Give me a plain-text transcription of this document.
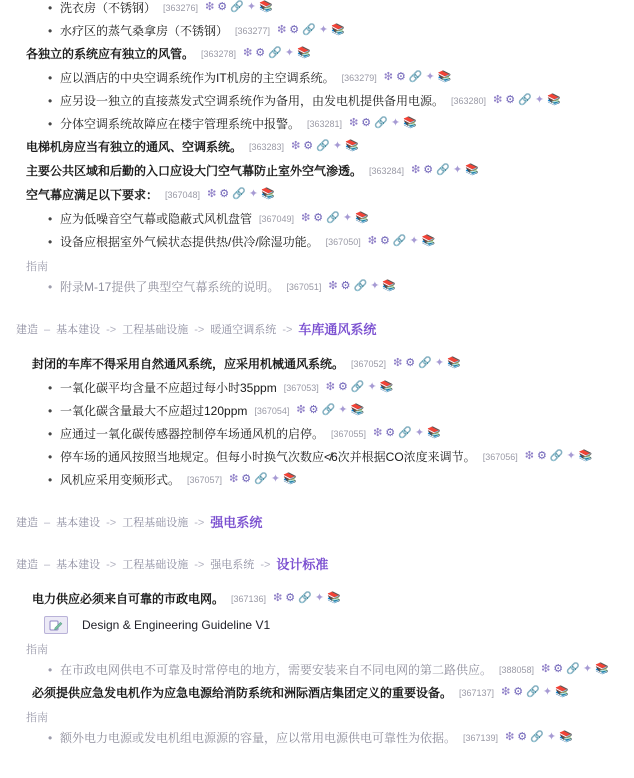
• 洗衣房（不锈钢） [363276] ❇ ⚙ 🔗 ✦ 📚
• 水疗区的蒸气桑拿房（不锈钢） [363277] ❇ ⚙ 🔗 ✦ 📚
各独立的系统应有独立的风管。 [363278] ❇ ⚙ 🔗 ✦ 📚
• 应以酒店的中央空调系统作为IT机房的主空调系统。 [363279] ❇ ⚙ 🔗 ✦ 📚
• 应另设一独立的直接蒸发式空调系统作为备用，由发电机提供备用电源。 [363280] ❇ ⚙ 🔗 ✦ 📚
• 分体空调系统故障应在楼宇管理系统中报警。 [363281] ❇ ⚙ 🔗 ✦ 📚
电梯机房应当有独立的通风、空调系统。 [363283] ❇ ⚙ 🔗 ✦ 📚
主要公共区域和后勤的入口应设大门空气幕防止室外空气渗透。 [363284] ❇ ⚙ 🔗 ✦ 📚
空气幕应满足以下要求： [367048] ❇ ⚙ 🔗 ✦ 📚
• 应为低噪音空气幕或隐蔽式风机盘管 [367049] ❇ ⚙ 🔗 ✦ 📚
• 设备应根据室外气候状态提供热/供冷/除湿功能。 [367050] ❇ ⚙ 🔗 ✦ 📚
指南
• 附录M-17提供了典型空气幕系统的说明。 [367051] ❇ ⚙ 🔗 ✦ 📚
建造 – 基本建设 -> 工程基础设施 -> 暖通空调系统 -> 车库通风系统
封闭的车库不得采用自然通风系统，应采用机械通风系统。 [367052] ❇ ⚙ 🔗 ✦ 📚
• 一氧化碳平均含量不应超过每小时35ppm [367053] ❇ ⚙ 🔗 ✦ 📚
• 一氧化碳含量最大不应超过120ppm [367054] ❇ ⚙ 🔗 ✦ 📚
• 应通过一氧化碳传感器控制停车场通风机的启停。 [367055] ❇ ⚙ 🔗 ✦ 📚
• 停车场的通风按照当地规定。但每小时换气次数应≮6次并根据CO浓度来调节。 [367056] ❇ ⚙ 🔗 ✦ 📚
• 风机应采用变频形式。 [367057] ❇ ⚙ 🔗 ✦ 📚
建造 – 基本建设 -> 工程基础设施 -> 强电系统
建造 – 基本建设 -> 工程基础设施 -> 强电系统 -> 设计标准
电力供应必须来自可靠的市政电网。 [367136] ❇ ⚙ 🔗 ✦ 📚
Design & Engineering Guideline V1
指南
• 在市政电网供电不可靠及时常停电的地方，需要安装来自不同电网的第二路供应。 [388058] ❇ ⚙ 🔗 ✦ 📚
必须提供应急发电机作为应急电源给消防系统和洲际酒店集团定义的重要设备。 [367137] ❇ ⚙ 🔗 ✦ 📚
指南
• 额外电力电源或发电机组电源源的容量，应以常用电源供电可靠性为依据。 [367139] ❇ ⚙ 🔗 ✦ 📚
